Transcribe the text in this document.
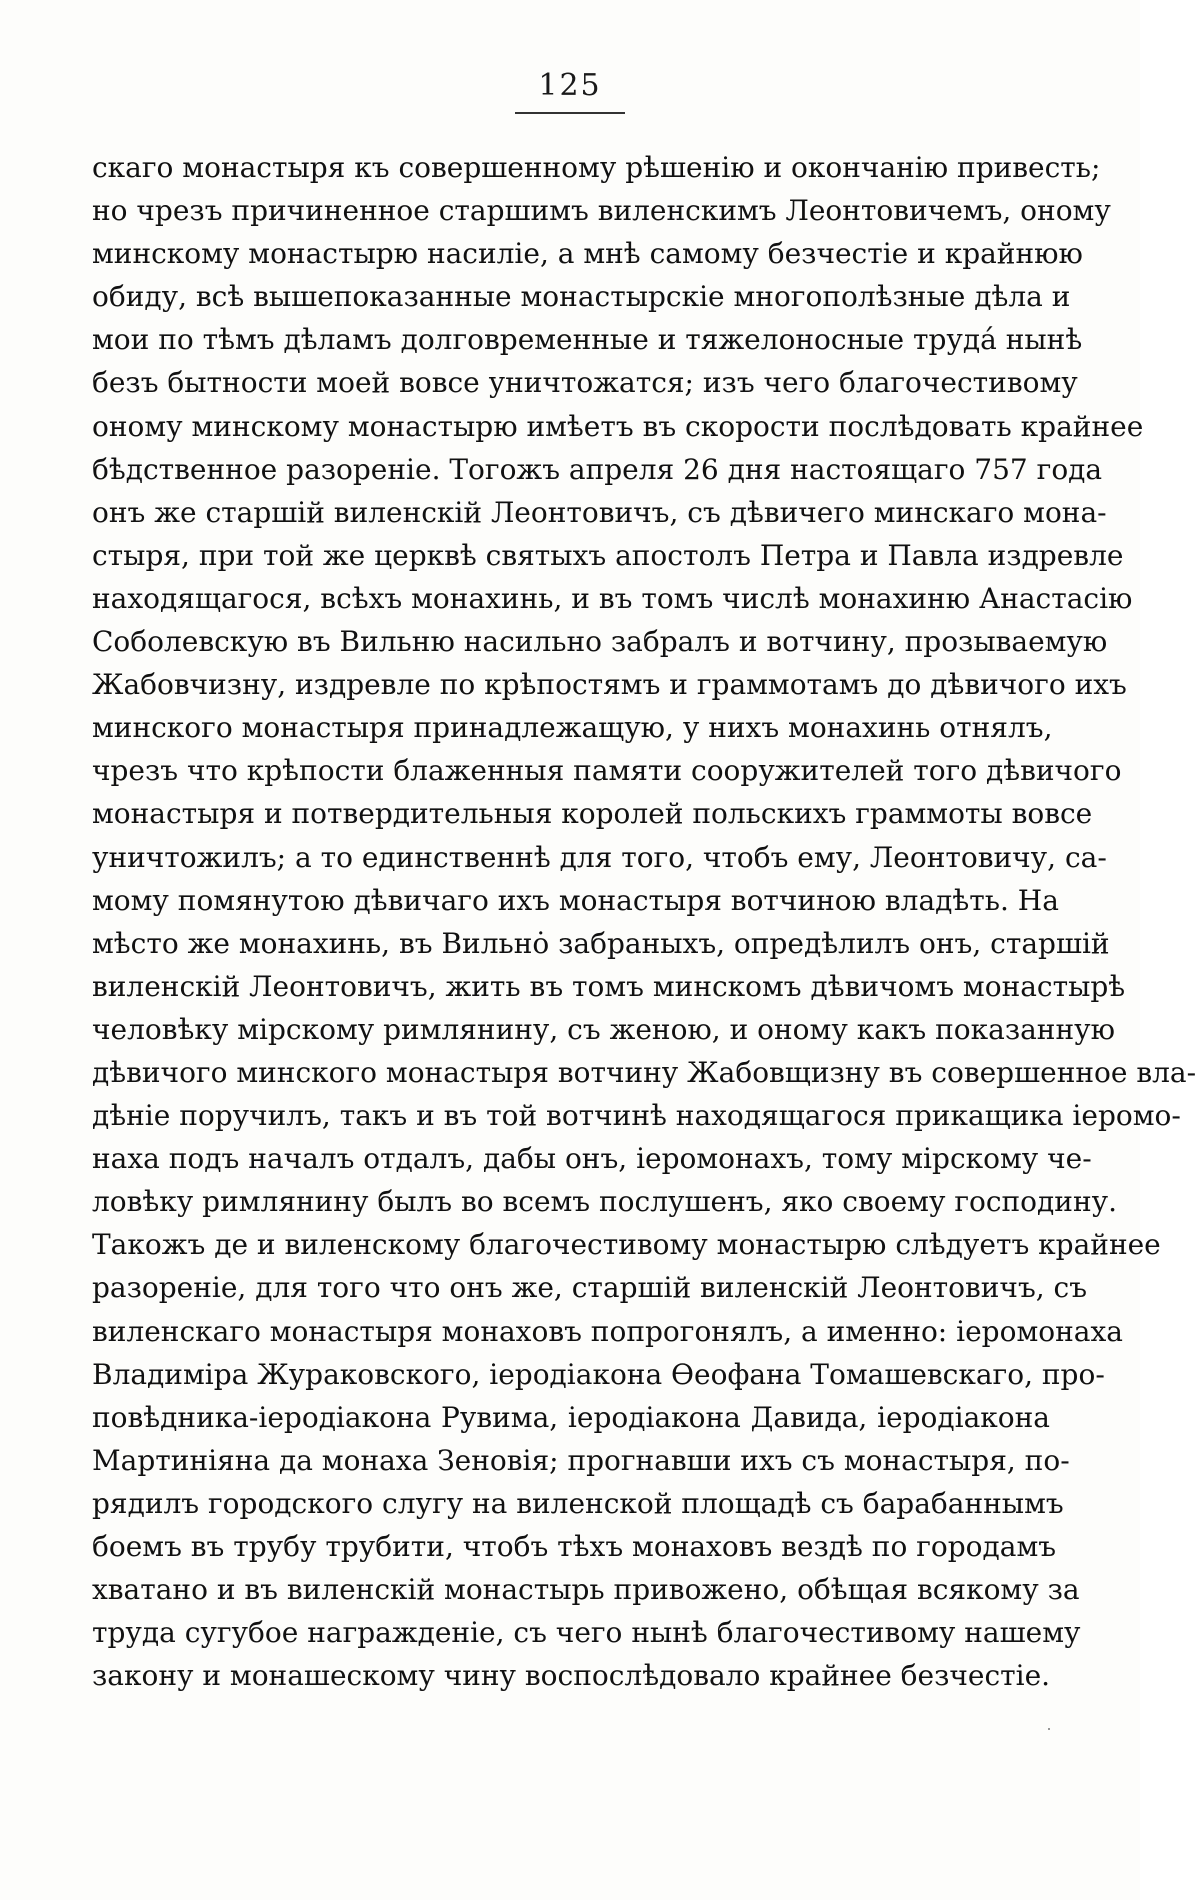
125
скаго монастыря къ совершенному рѣшенію и окончанію привесть;
но чрезъ причиненное старшимъ виленскимъ Леонтовичемъ, оному
минскому монастырю насиліе, а мнѣ самому безчестіе и крайнюю
обиду, всѣ вышепоказанные монастырскіе многополѣзные дѣла и
мои по тѣмъ дѣламъ долговременные и тяжелоносные труда́ нынѣ
безъ бытности моей вовсе уничтожатся; изъ чего благочестивому
оному минскому монастырю имѣетъ въ скорости послѣдовать крайнее
бѣдственное разореніе. Тогожъ апреля 26 дня настоящаго 757 года
онъ же старшій виленскій Леонтовичъ, съ дѣвичего минскаго мона-
стыря, при той же церквѣ святыхъ апостолъ Петра и Павла издревле
находящагося, всѣхъ монахинь, и въ томъ числѣ монахиню Анастасію
Соболевскую въ Вильню насильно забралъ и вотчину, прозываемую
Жабовчизну, издревле по крѣпостямъ и граммотамъ до дѣвичого ихъ
минского монастыря принадлежащую, у нихъ монахинь отнялъ,
чрезъ что крѣпости блаженныя памяти сооружителей того дѣвичого
монастыря и потвердительныя королей польскихъ граммоты вовсе
уничтожилъ; а то единственнѣ для того, чтобъ ему, Леонтовичу, са-
мому помянутою дѣвичаго ихъ монастыря вотчиною владѣть. На
мѣсто же монахинь, въ Вильно̇ забраныхъ, опредѣлилъ онъ, старшій
виленскій Леонтовичъ, жить въ томъ минскомъ дѣвичомъ монастырѣ
человѣку мірскому римлянину, съ женою, и оному какъ показанную
дѣвичого минского монастыря вотчину Жабовщизну въ совершенное вла-
дѣніе поручилъ, такъ и въ той вотчинѣ находящагося прикащика іеромо-
наха подъ началъ отдалъ, дабы онъ, іеромонахъ, тому мірскому че-
ловѣку римлянину былъ во всемъ послушенъ, яко своему господину.
Такожъ де и виленскому благочестивому монастырю слѣдуетъ крайнее
разореніе, для того что онъ же, старшій виленскій Леонтовичъ, съ
виленскаго монастыря монаховъ попрогонялъ, а именно: іеромонаха
Владиміра Жураковского, іеродіакона Ѳеофана Томашевскаго, про-
повѣдника-іеродіакона Рувима, іеродіакона Давида, іеродіакона
Мартиніяна да монаха Зеновія; прогнавши ихъ съ монастыря, по-
рядилъ городского слугу на виленской площадѣ съ барабаннымъ
боемъ въ трубу трубити, чтобъ тѣхъ монаховъ вездѣ по городамъ
хватано и въ виленскій монастырь привожено, обѣщая всякому за
труда сугубое награжденіе, съ чего нынѣ благочестивому нашему
закону и монашескому чину воспослѣдовало крайнее безчестіе.
